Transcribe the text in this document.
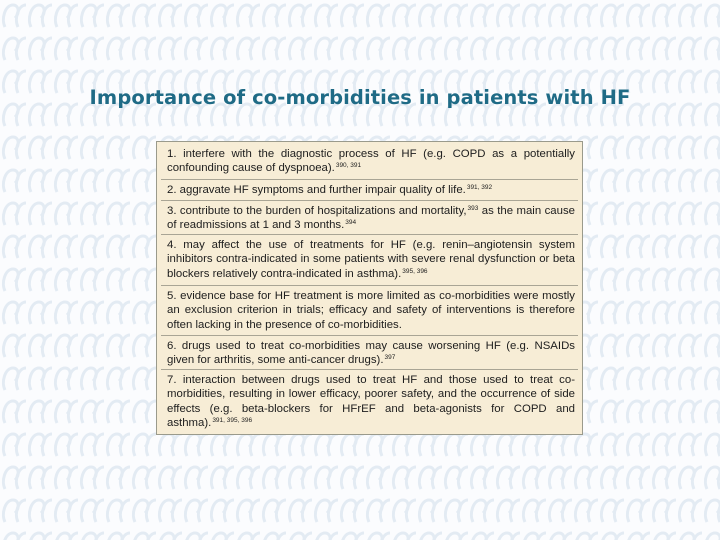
Importance of co-morbidities in patients with HF
1. interfere with the diagnostic process of HF (e.g. COPD as a potentially confounding cause of dyspnoea).$^{390, 391}$
2. aggravate HF symptoms and further impair quality of life.$^{391, 392}$
3. contribute to the burden of hospitalizations and mortality,$^{393}$ as the main cause of readmissions at 1 and 3 months.$^{394}$
4. may affect the use of treatments for HF (e.g. renin–angiotensin system inhibitors contra-indicated in some patients with severe renal dysfunction or beta blockers relatively contra-indicated in asthma).$^{395, 396}$
5. evidence base for HF treatment is more limited as co-morbidities were mostly an exclusion criterion in trials; efficacy and safety of interventions is therefore often lacking in the presence of co-morbidities.
6. drugs used to treat co-morbidities may cause worsening HF (e.g. NSAIDs given for arthritis, some anti-cancer drugs).$^{397}$
7. interaction between drugs used to treat HF and those used to treat co-morbidities, resulting in lower efficacy, poorer safety, and the occurrence of side effects (e.g. beta-blockers for HFrEF and beta-agonists for COPD and asthma).$^{391, 395, 396}$
